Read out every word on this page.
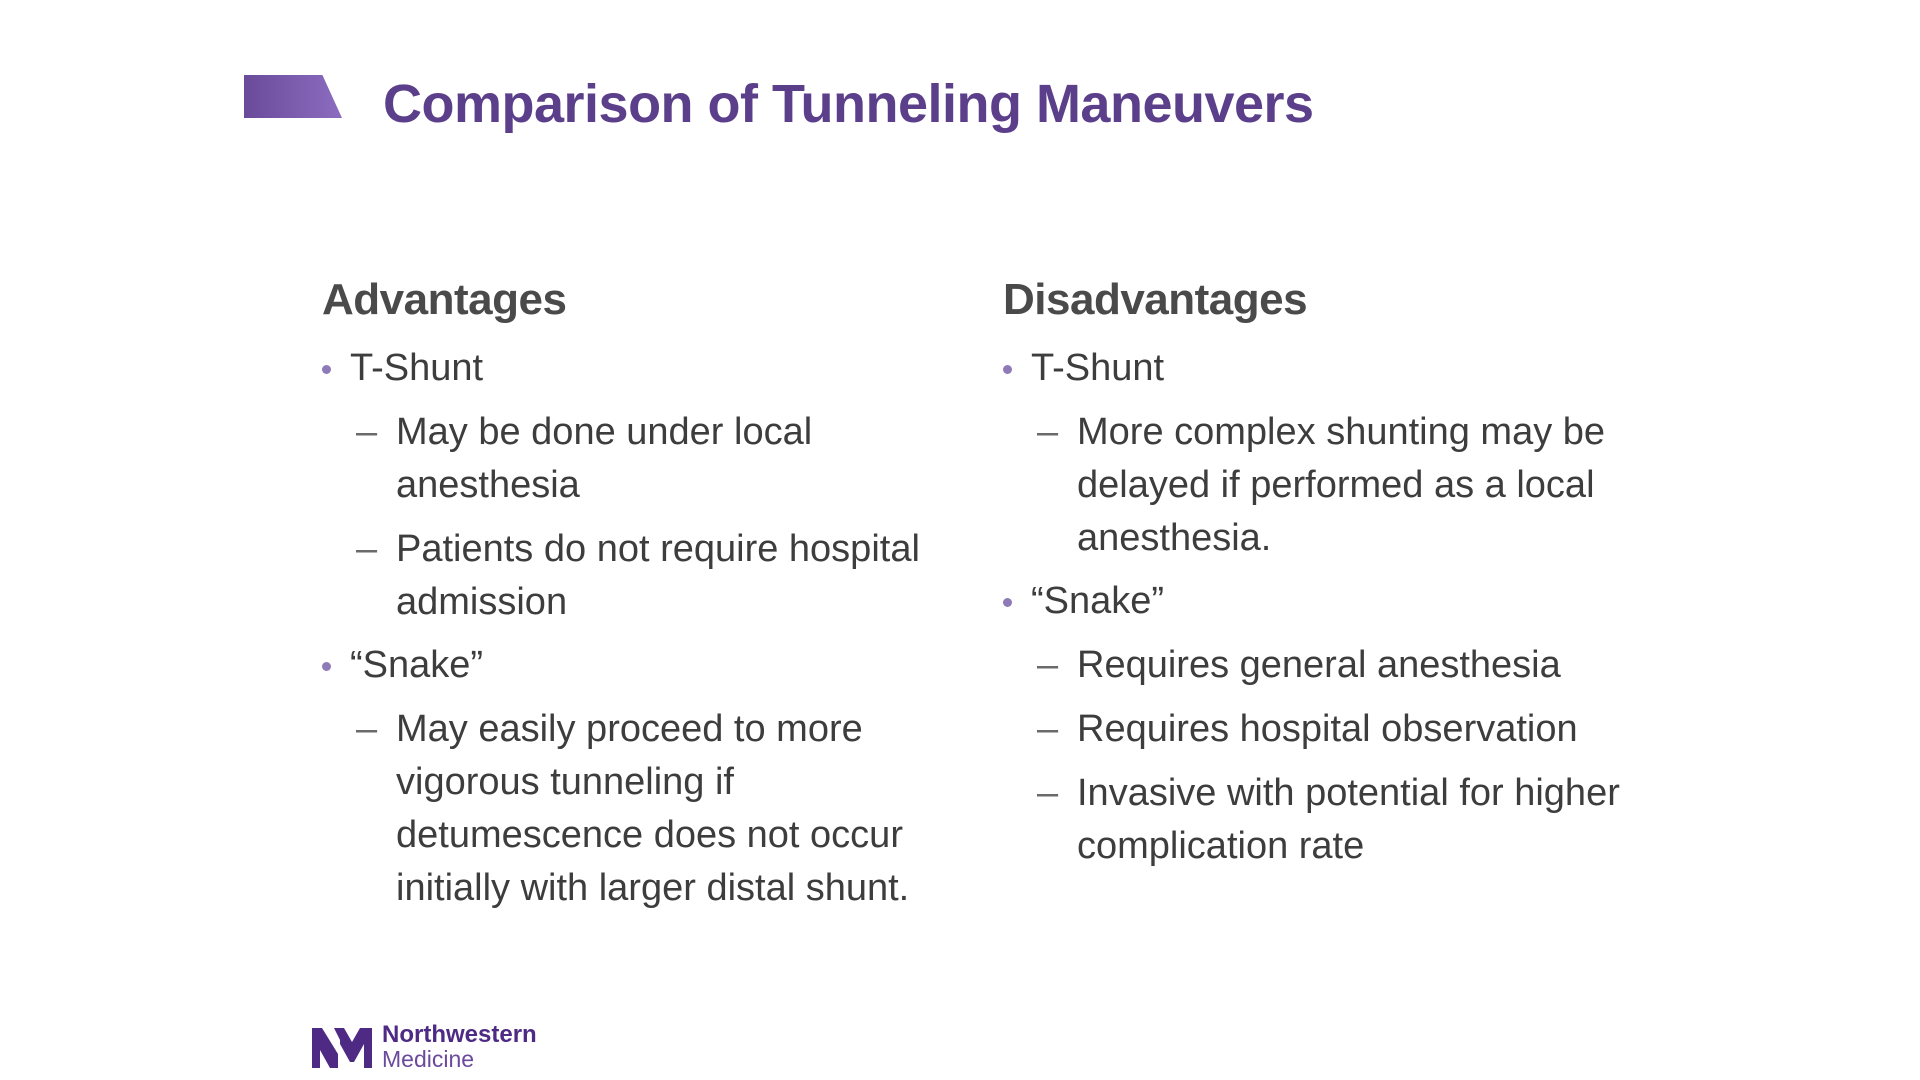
Comparison of Tunneling Maneuvers
Advantages
T-Shunt
– May be done under local anesthesia
– Patients do not require hospital admission
“Snake”
– May easily proceed to more vigorous tunneling if detumescence does not occur initially with larger distal shunt.
Disadvantages
T-Shunt
– More complex shunting may be delayed if performed as a local anesthesia.
“Snake”
– Requires general anesthesia
– Requires hospital observation
– Invasive with potential for higher complication rate
Northwestern
Medicine
